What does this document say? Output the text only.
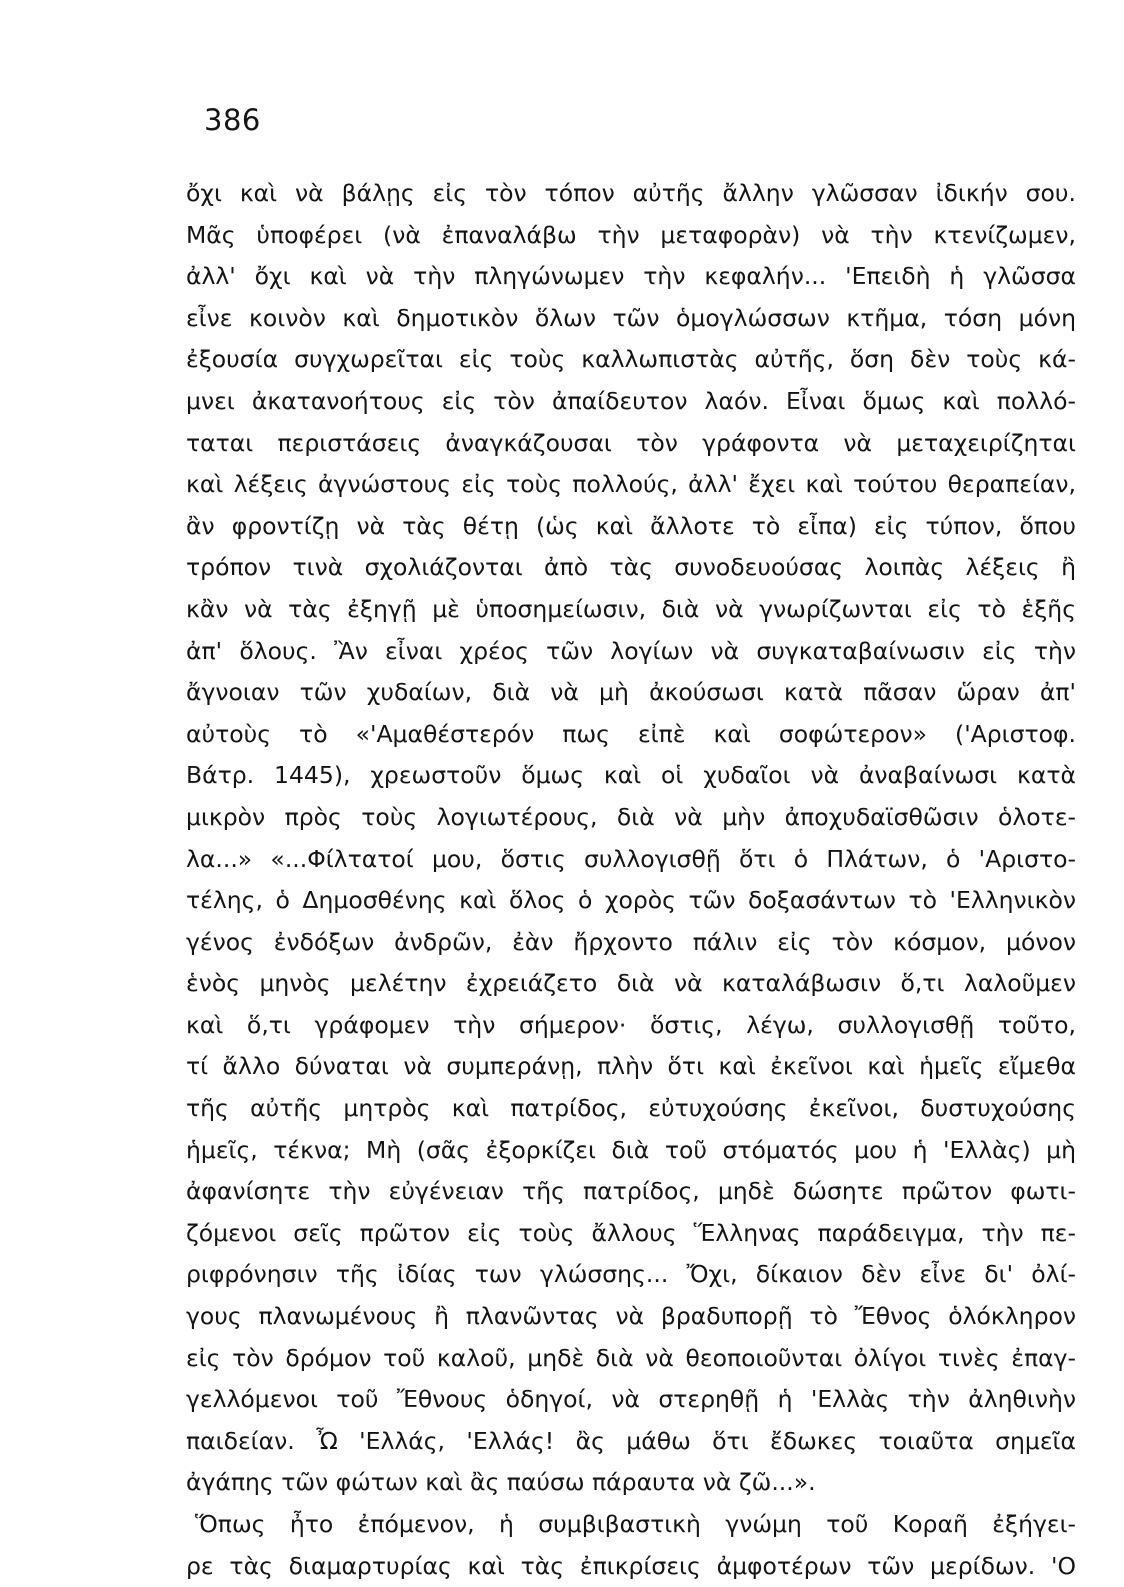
386
ὄχι καὶ νὰ βάλῃς εἰς τὸν τόπον αὐτῆς ἄλλην γλῶσσαν ἰδικήν σου.
Μᾶς ὑποφέρει (νὰ ἐπαναλάβω τὴν μεταφορὰν) νὰ τὴν κτενίζωμεν,
ἀλλ' ὄχι καὶ νὰ τὴν πληγώνωμεν τὴν κεφαλήν... 'Επειδὴ ἡ γλῶσσα
εἶνε κοινὸν καὶ δημοτικὸν ὅλων τῶν ὁμογλώσσων κτῆμα, τόση μόνη
ἐξουσία συγχωρεῖται εἰς τοὺς καλλωπιστὰς αὐτῆς, ὅση δὲν τοὺς κά-
μνει ἀκατανοήτους εἰς τὸν ἀπαίδευτον λαόν. Εἶναι ὅμως καὶ πολλό-
ταται περιστάσεις ἀναγκάζουσαι τὸν γράφοντα νὰ μεταχειρίζηται
καὶ λέξεις ἀγνώστους εἰς τοὺς πολλούς, ἀλλ' ἔχει καὶ τούτου θεραπείαν,
ἂν φροντίζῃ νὰ τὰς θέτῃ (ὡς καὶ ἄλλοτε τὸ εἶπα) εἰς τύπον, ὅπου
τρόπον τινὰ σχολιάζονται ἀπὸ τὰς συνοδευούσας λοιπὰς λέξεις ἢ
κἂν νὰ τὰς ἐξηγῇ μὲ ὑποσημείωσιν, διὰ νὰ γνωρίζωνται εἰς τὸ ἑξῆς
ἀπ' ὅλους. Ἂν εἶναι χρέος τῶν λογίων νὰ συγκαταβαίνωσιν εἰς τὴν
ἄγνοιαν τῶν χυδαίων, διὰ νὰ μὴ ἀκούσωσι κατὰ πᾶσαν ὥραν ἀπ'
αὐτοὺς τὸ «'Αμαθέστερόν πως εἰπὲ καὶ σοφώτερον» ('Αριστοφ.
Βάτρ. 1445), χρεωστοῦν ὅμως καὶ οἱ χυδαῖοι νὰ ἀναβαίνωσι κατὰ
μικρὸν πρὸς τοὺς λογιωτέρους, διὰ νὰ μὴν ἀποχυδαϊσθῶσιν ὁλοτε-
λα...» «...Φίλτατοί μου, ὅστις συλλογισθῇ ὅτι ὁ Πλάτων, ὁ 'Αριστο-
τέλης, ὁ Δημοσθένης καὶ ὅλος ὁ χορὸς τῶν δοξασάντων τὸ 'Ελληνικὸν
γένος ἐνδόξων ἀνδρῶν, ἐὰν ἤρχοντο πάλιν εἰς τὸν κόσμον, μόνον
ἑνὸς μηνὸς μελέτην ἐχρειάζετο διὰ νὰ καταλάβωσιν ὅ,τι λαλοῦμεν
καὶ ὅ,τι γράφομεν τὴν σήμερον· ὅστις, λέγω, συλλογισθῇ τοῦτο,
τί ἄλλο δύναται νὰ συμπεράνῃ, πλὴν ὅτι καὶ ἐκεῖνοι καὶ ἡμεῖς εἴμεθα
τῆς αὐτῆς μητρὸς καὶ πατρίδος, εὐτυχούσης ἐκεῖνοι, δυστυχούσης
ἡμεῖς, τέκνα; Μὴ (σᾶς ἐξορκίζει διὰ τοῦ στόματός μου ἡ 'Ελλὰς) μὴ
ἀφανίσητε τὴν εὐγένειαν τῆς πατρίδος, μηδὲ δώσητε πρῶτον φωτι-
ζόμενοι σεῖς πρῶτον εἰς τοὺς ἄλλους Ἕλληνας παράδειγμα, τὴν πε-
ριφρόνησιν τῆς ἰδίας των γλώσσης... Ὄχι, δίκαιον δὲν εἶνε δι' ὀλί-
γους πλανωμένους ἢ πλανῶντας νὰ βραδυπορῇ τὸ Ἔθνος ὁλόκληρον
εἰς τὸν δρόμον τοῦ καλοῦ, μηδὲ διὰ νὰ θεοποιοῦνται ὀλίγοι τινὲς ἐπαγ-
γελλόμενοι τοῦ Ἔθνους ὁδηγοί, νὰ στερηθῇ ἡ 'Ελλὰς τὴν ἀληθινὴν
παιδείαν. Ὦ 'Ελλάς, 'Ελλάς! ἂς μάθω ὅτι ἔδωκες τοιαῦτα σημεῖα
ἀγάπης τῶν φώτων καὶ ἂς παύσω πάραυτα νὰ ζῶ...».
Ὅπως ἦτο ἐπόμενον, ἡ συμβιβαστικὴ γνώμη τοῦ Κοραῆ ἐξήγει-
ρε τὰς διαμαρτυρίας καὶ τὰς ἐπικρίσεις ἀμφοτέρων τῶν μερίδων. 'Ο
